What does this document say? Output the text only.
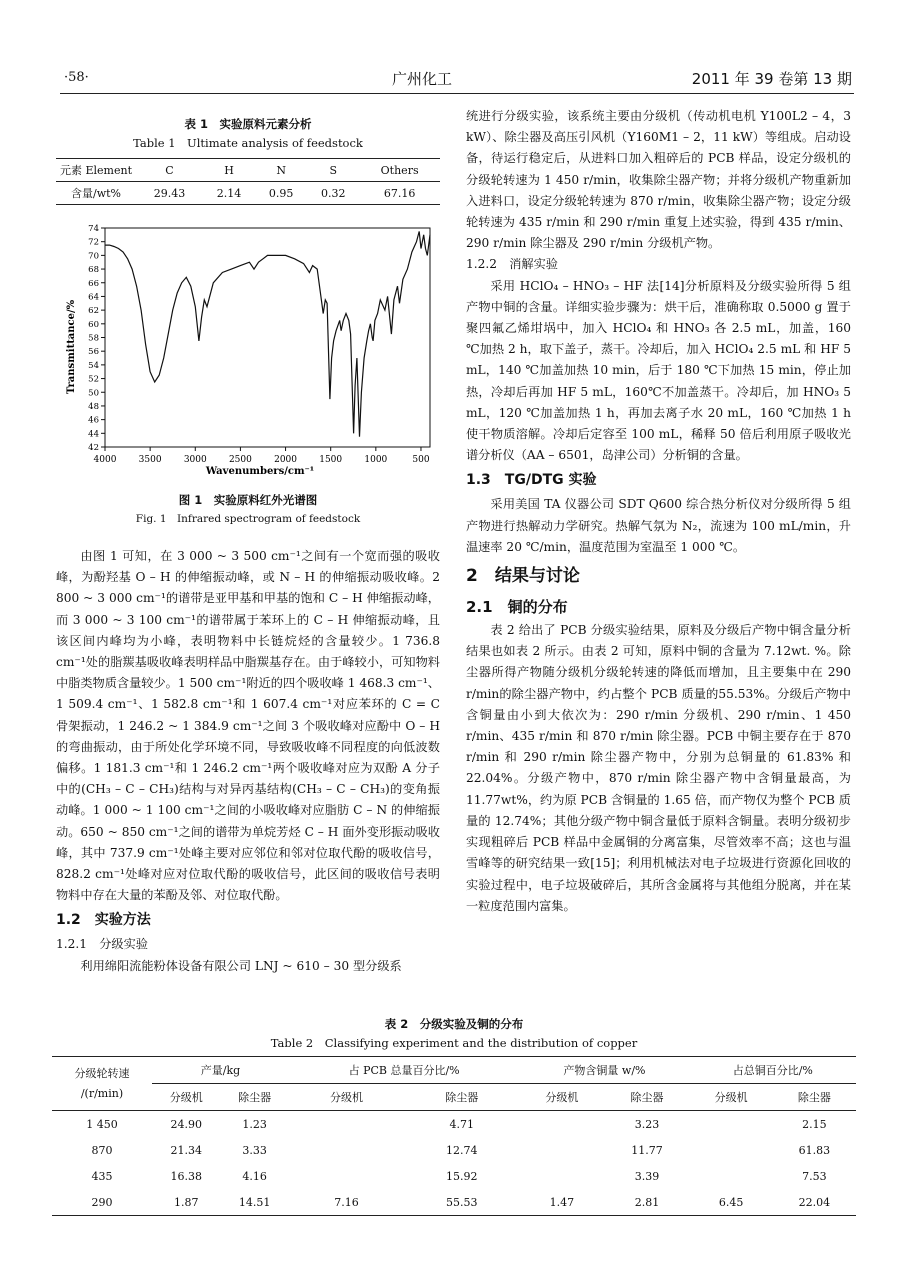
·58·	广州化工	2011 年 39 卷第 13 期
表 1　实验原料元素分析
Table 1　Ultimate analysis of feedstock
元素 Element	C	H	N	S	Others
含量/wt%	29.43	2.14	0.95	0.32	67.16
4000 3500 3000 2500 2000 1500 1000	500
42
44
46
48
50
52
54
56
58
60
62
64
66
68
70
72
74
Wavenumbers/cm⁻¹
Transmittance/%
图 1　实验原料红外光谱图
Fig. 1　Infrared spectrogram of feedstock

由图 1 可知，在 3 000 ~ 3 500 cm⁻¹之间有一个宽而强的吸收峰，为酚羟基 O – H 的伸缩振动峰，或 N – H 的伸缩振动吸收峰。2 800 ~ 3 000 cm⁻¹的谱带是亚甲基和甲基的饱和 C – H 伸缩振动峰，而 3 000 ~ 3 100 cm⁻¹的谱带属于苯环上的 C – H 伸缩振动峰，且该区间内峰均为小峰，表明物料中长链烷烃的含量较少。1 736.8 cm⁻¹处的脂羰基吸收峰表明样品中脂羰基存在。由于峰较小，可知物料中脂类物质含量较少。1 500 cm⁻¹附近的四个吸收峰 1 468.3 cm⁻¹、1 509.4 cm⁻¹、1 582.8 cm⁻¹和 1 607.4 cm⁻¹对应苯环的 C = C 骨架振动，1 246.2 ~ 1 384.9 cm⁻¹之间 3 个吸收峰对应酚中 O – H 的弯曲振动，由于所处化学环境不同，导致吸收峰不同程度的向低波数偏移。1 181.3 cm⁻¹和 1 246.2 cm⁻¹两个吸收峰对应为双酚 A 分子中的(CH₃ – C – CH₃)结构与对异丙基结构(CH₃ – C – CH₃)的变角振动峰。1 000 ~ 1 100 cm⁻¹之间的小吸收峰对应脂肪 C – N 的伸缩振动。650 ~ 850 cm⁻¹之间的谱带为单烷芳烃 C – H 面外变形振动吸收峰，其中 737.9 cm⁻¹处峰主要对应邻位和邻对位取代酚的吸收信号，828.2 cm⁻¹处峰对应对位取代酚的吸收信号，此区间的吸收信号表明物料中存在大量的苯酚及邻、对位取代酚。

1.2　实验方法
1.2.1　分级实验

利用绵阳流能粉体设备有限公司 LNJ ~ 610 – 30 型分级系

统进行分级实验，该系统主要由分级机（传动机电机 Y100L2 – 4，3 kW）、除尘器及高压引风机（Y160M1 – 2，11 kW）等组成。启动设备，待运行稳定后，从进料口加入粗碎后的 PCB 样品，设定分级机的分级轮转速为 1 450 r/min，收集除尘器产物；并将分级机产物重新加入进料口，设定分级轮转速为 870 r/min，收集除尘器产物；设定分级轮转速为 435 r/min 和 290 r/min 重复上述实验，得到 435 r/min、290 r/min 除尘器及 290 r/min 分级机产物。

1.2.2　消解实验

采用 HClO₄ – HNO₃ – HF 法[14]分析原料及分级实验所得 5 组产物中铜的含量。详细实验步骤为：烘干后，准确称取 0.5000 g 置于聚四氟乙烯坩埚中，加入 HClO₄ 和 HNO₃ 各 2.5 mL，加盖，160 ℃加热 2 h，取下盖子，蒸干。冷却后，加入 HClO₄ 2.5 mL 和 HF 5 mL，140 ℃加盖加热 10 min，后于 180 ℃下加热 15 min，停止加热，冷却后再加 HF 5 mL，160℃不加盖蒸干。冷却后，加 HNO₃ 5 mL，120 ℃加盖加热 1 h，再加去离子水 20 mL，160 ℃加热 1 h 使干物质溶解。冷却后定容至 100 mL，稀释 50 倍后利用原子吸收光谱分析仪（AA – 6501，岛津公司）分析铜的含量。

1.3　TG/DTG 实验

采用美国 TA 仪器公司 SDT Q600 综合热分析仪对分级所得 5 组产物进行热解动力学研究。热解气氛为 N₂，流速为 100 mL/min，升温速率 20 ℃/min，温度范围为室温至 1 000 ℃。

2　结果与讨论
2.1　铜的分布

表 2 给出了 PCB 分级实验结果，原料及分级后产物中铜含量分析结果也如表 2 所示。由表 2 可知，原料中铜的含量为 7.12wt. %。除尘器所得产物随分级机分级轮转速的降低而增加，且主要集中在 290 r/min的除尘器产物中，约占整个 PCB 质量的55.53%。分级后产物中含铜量由小到大依次为：290 r/min 分级机、290 r/min、1 450 r/min、435 r/min 和 870 r/min 除尘器。PCB 中铜主要存在于 870 r/min 和 290 r/min 除尘器产物中，分别为总铜量的 61.83% 和 22.04%。分级产物中，870 r/min 除尘器产物中含铜量最高，为 11.77wt%，约为原 PCB 含铜量的 1.65 倍，而产物仅为整个 PCB 质量的 12.74%；其他分级产物中铜含量低于原料含铜量。表明分级初步实现粗碎后 PCB 样品中金属铜的分离富集，尽管效率不高；这也与温雪峰等的研究结果一致[15]；利用机械法对电子垃圾进行资源化回收的实验过程中，电子垃圾破碎后，其所含金属将与其他组分脱离，并在某一粒度范围内富集。

表 2　分级实验及铜的分布
Table 2　Classifying experiment and the distribution of copper
分级轮转速
/(r/min)	产量/kg		占 PCB 总量百分比/%		产物含铜量 w/%		占总铜百分比/%	
	分级机	除尘器	分级机	除尘器	分级机	除尘器	分级机	除尘器
1 450	24.90	1.23		4.71		3.23		2.15
870	21.34	3.33		12.74		11.77		61.83
435	16.38	4.16		15.92		3.39		7.53
290	1.87	14.51	7.16	55.53	1.47	2.81	6.45	22.04
